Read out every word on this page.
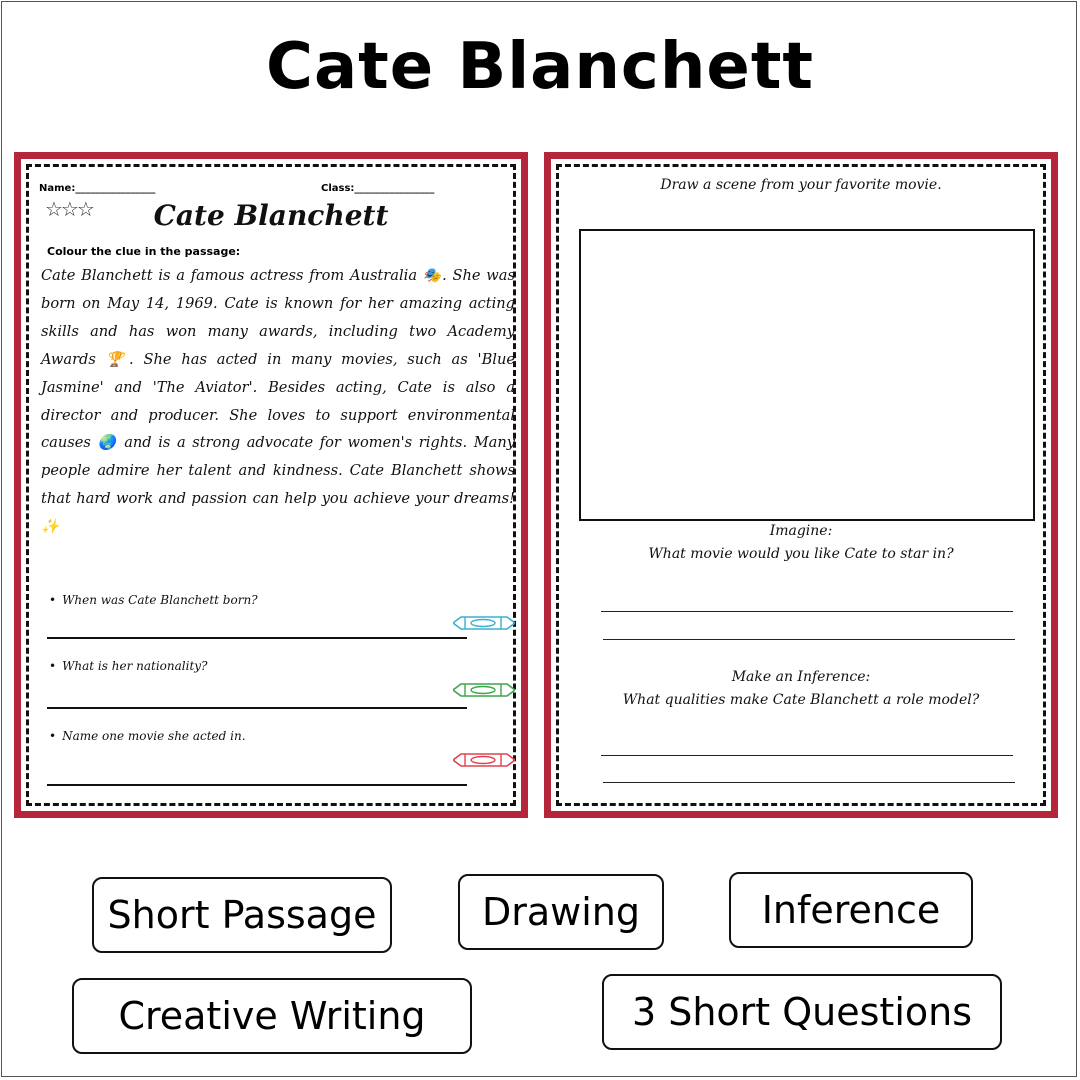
Cate Blanchett
Name:________________	Class:________________
☆☆☆	Cate Blanchett
Colour the clue in the passage:
Cate Blanchett is a famous actress from Australia 🎭. She was born on May 14, 1969. Cate is known for her amazing acting skills and has won many awards, including two Academy Awards 🏆. She has acted in many movies, such as 'Blue Jasmine' and 'The Aviator'. Besides acting, Cate is also a director and producer. She loves to support environmental causes 🌏 and is a strong advocate for women's rights. Many people admire her talent and kindness. Cate Blanchett shows that hard work and passion can help you achieve your dreams! ✨
• When was Cate Blanchett born?
• What is her nationality?
• Name one movie she acted in.
Draw a scene from your favorite movie.
Imagine:
What movie would you like Cate to star in?
Make an Inference:
What qualities make Cate Blanchett a role model?
Short Passage	Drawing	Inference
Creative Writing	3 Short Questions
